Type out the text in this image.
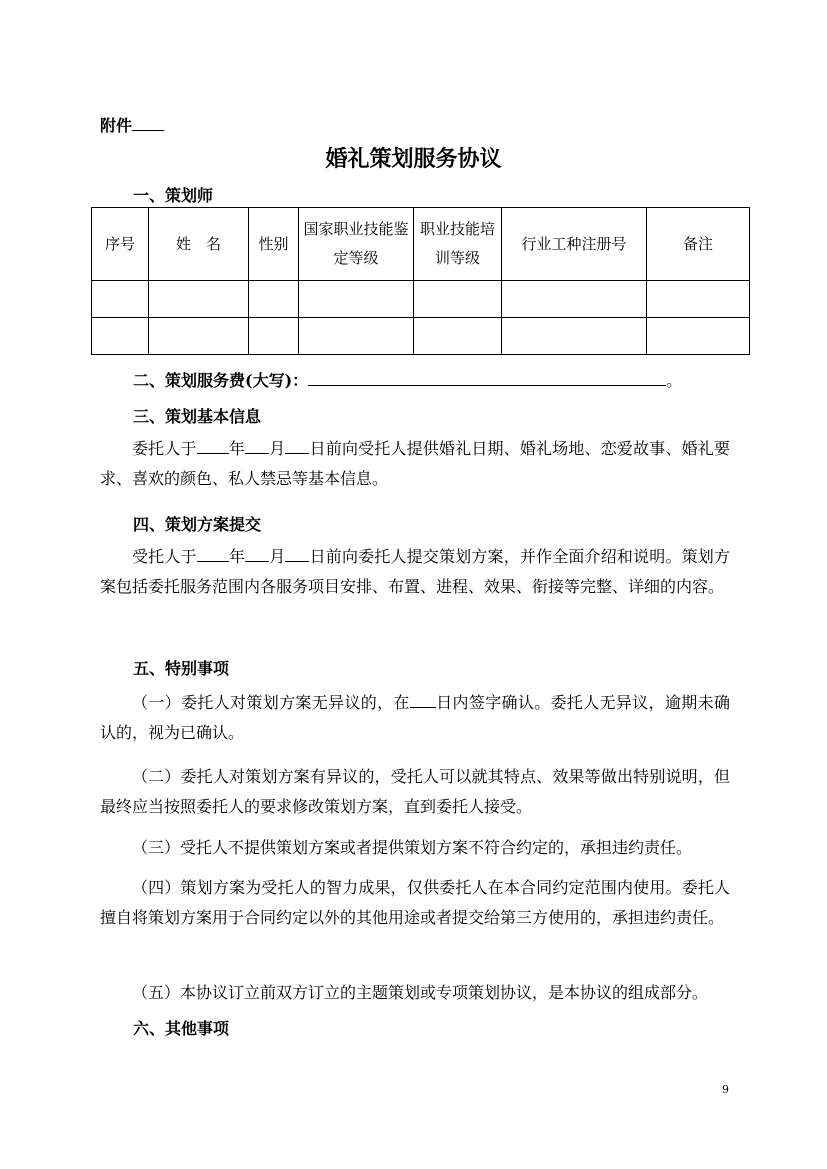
附件
婚礼策划服务协议
一、策划师
序号	姓　名	性别	国家职业技能鉴定等级	职业技能培训等级	行业工种注册号	备注

二、策划服务费(大写)：	。
三、策划基本信息
委托人于 年 月 日前向受托人提供婚礼日期、婚礼场地、恋爱故事、婚礼要求、喜欢的颜色、私人禁忌等基本信息。
四、策划方案提交
受托人于 年 月 日前向委托人提交策划方案，并作全面介绍和说明。策划方案包括委托服务范围内各服务项目安排、布置、进程、效果、衔接等完整、详细的内容。
五、特别事项
（一）委托人对策划方案无异议的，在 日内签字确认。委托人无异议，逾期未确认的，视为已确认。
（二）委托人对策划方案有异议的，受托人可以就其特点、效果等做出特别说明，但最终应当按照委托人的要求修改策划方案，直到委托人接受。
（三）受托人不提供策划方案或者提供策划方案不符合约定的，承担违约责任。
（四）策划方案为受托人的智力成果，仅供委托人在本合同约定范围内使用。委托人擅自将策划方案用于合同约定以外的其他用途或者提交给第三方使用的，承担违约责任。
（五）本协议订立前双方订立的主题策划或专项策划协议，是本协议的组成部分。
六、其他事项
9
